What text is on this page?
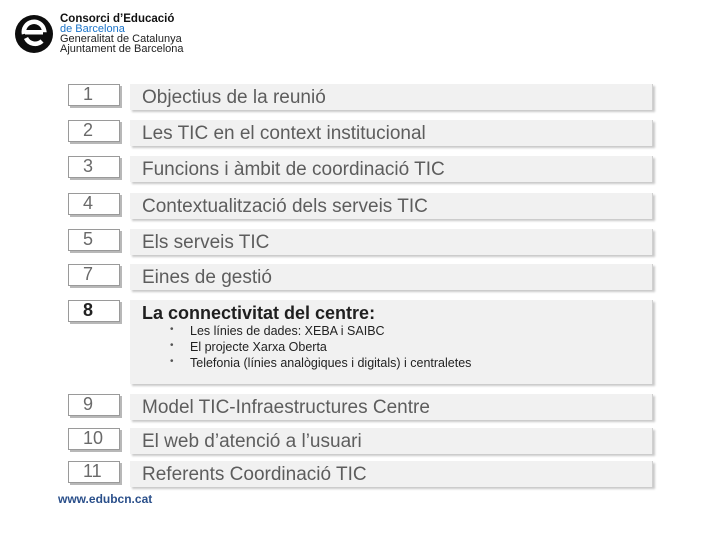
Consorci d’Educació
de Barcelona
Generalitat de Catalunya
Ajuntament de Barcelona
1	Objectius de la reunió
2	Les TIC en el context institucional
3	Funcions i àmbit de coordinació TIC
4	Contextualització dels serveis TIC
5	Els serveis TIC
7	Eines de gestió
8	La connectivitat del centre:
• Les línies de dades: XEBA i SAIBC
• El projecte Xarxa Oberta
• Telefonia (línies analògiques i digitals) i centraletes
9	Model TIC-Infraestructures Centre
10 El web d’atenció a l’usuari
11 Referents Coordinació TIC
www.edubcn.cat
